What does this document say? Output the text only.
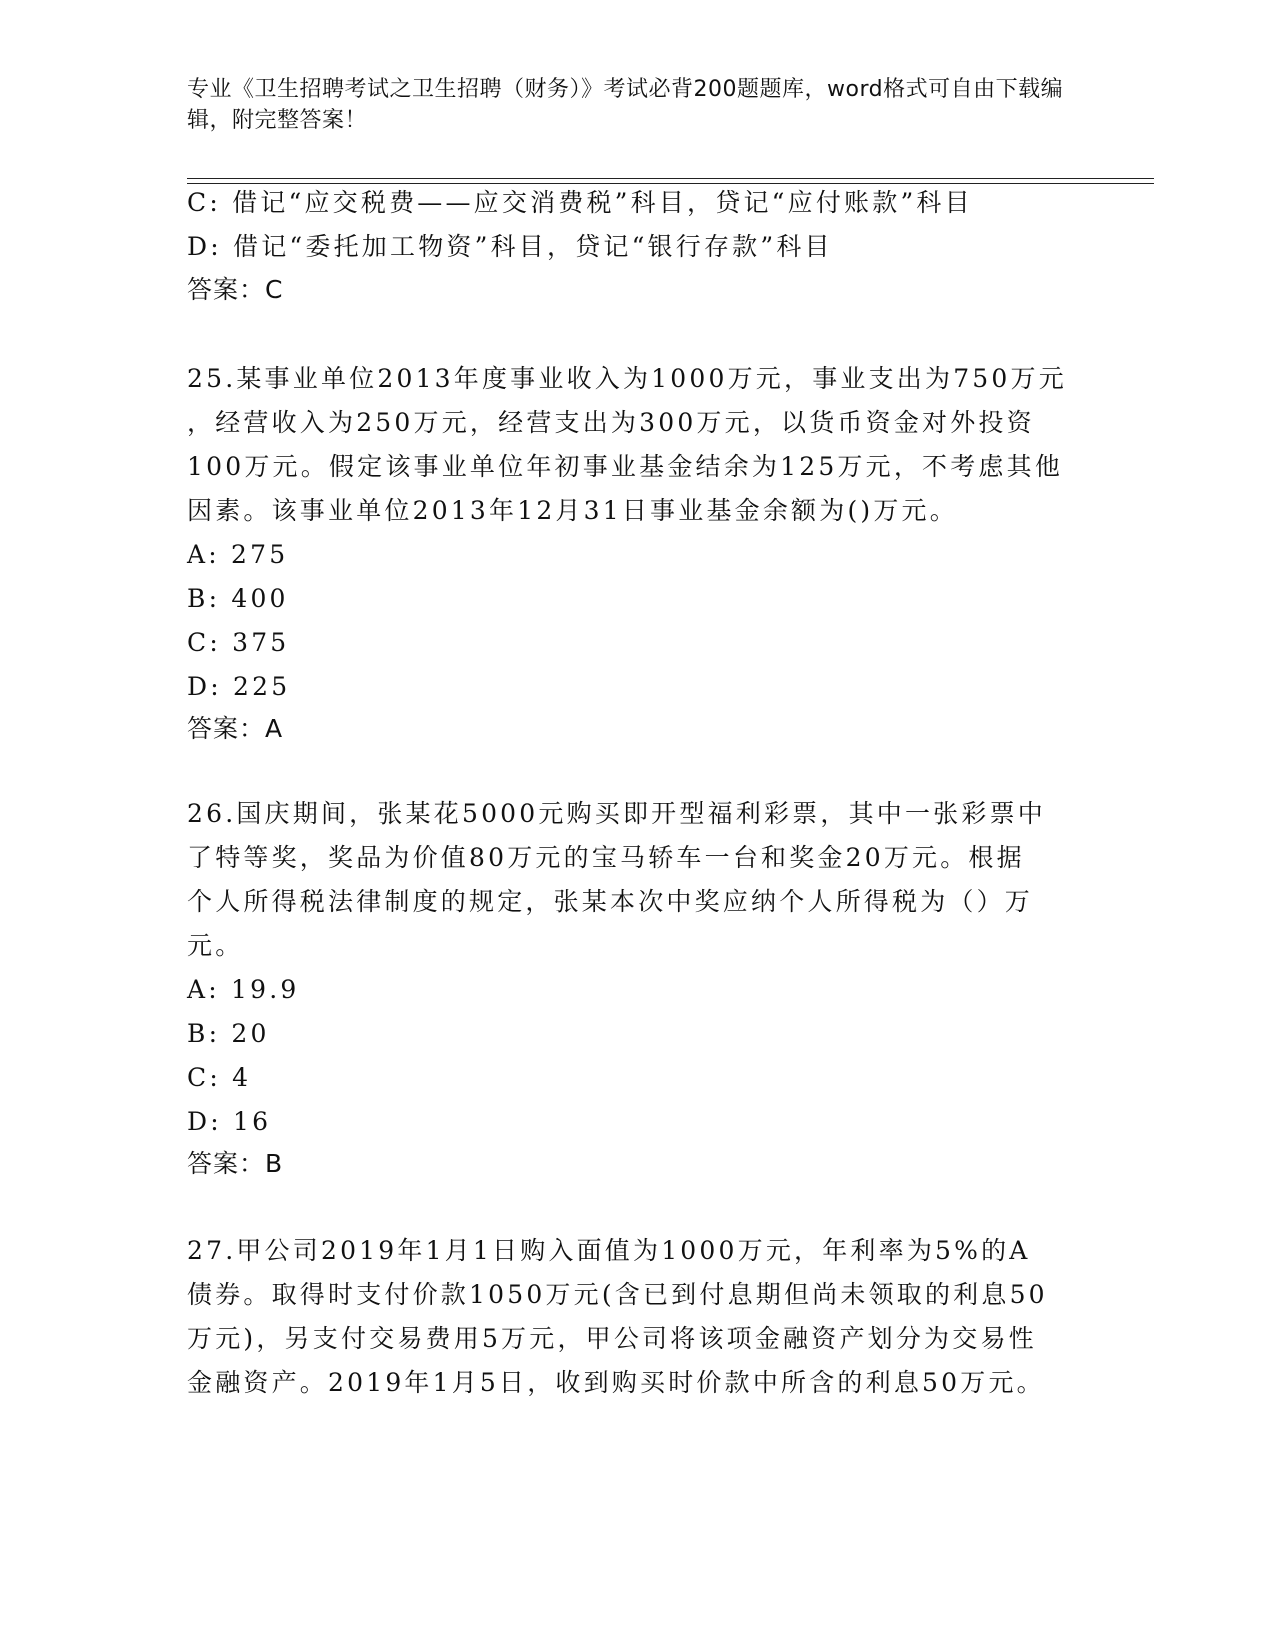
专业《卫生招聘考试之卫生招聘（财务）》考试必背200题题库，word格式可自由下载编辑，附完整答案！
C: 借记“应交税费——应交消费税”科目，贷记“应付账款”科目
D: 借记“委托加工物资”科目，贷记“银行存款”科目
答案：C
25.某事业单位2013年度事业收入为1000万元，事业支出为750万元
，经营收入为250万元，经营支出为300万元，以货币资金对外投资
100万元。假定该事业单位年初事业基金结余为125万元，不考虑其他
因素。该事业单位2013年12月31日事业基金余额为()万元。
A: 275
B: 400
C: 375
D: 225
答案：A
26.国庆期间，张某花5000元购买即开型福利彩票，其中一张彩票中
了特等奖，奖品为价值80万元的宝马轿车一台和奖金20万元。根据
个人所得税法律制度的规定，张某本次中奖应纳个人所得税为（）万
元。
A: 19.9
B: 20
C: 4
D: 16
答案：B
27.甲公司2019年1月1日购入面值为1000万元，年利率为5%的A
债券。取得时支付价款1050万元(含已到付息期但尚未领取的利息50
万元)，另支付交易费用5万元，甲公司将该项金融资产划分为交易性
金融资产。2019年1月5日，收到购买时价款中所含的利息50万元。
